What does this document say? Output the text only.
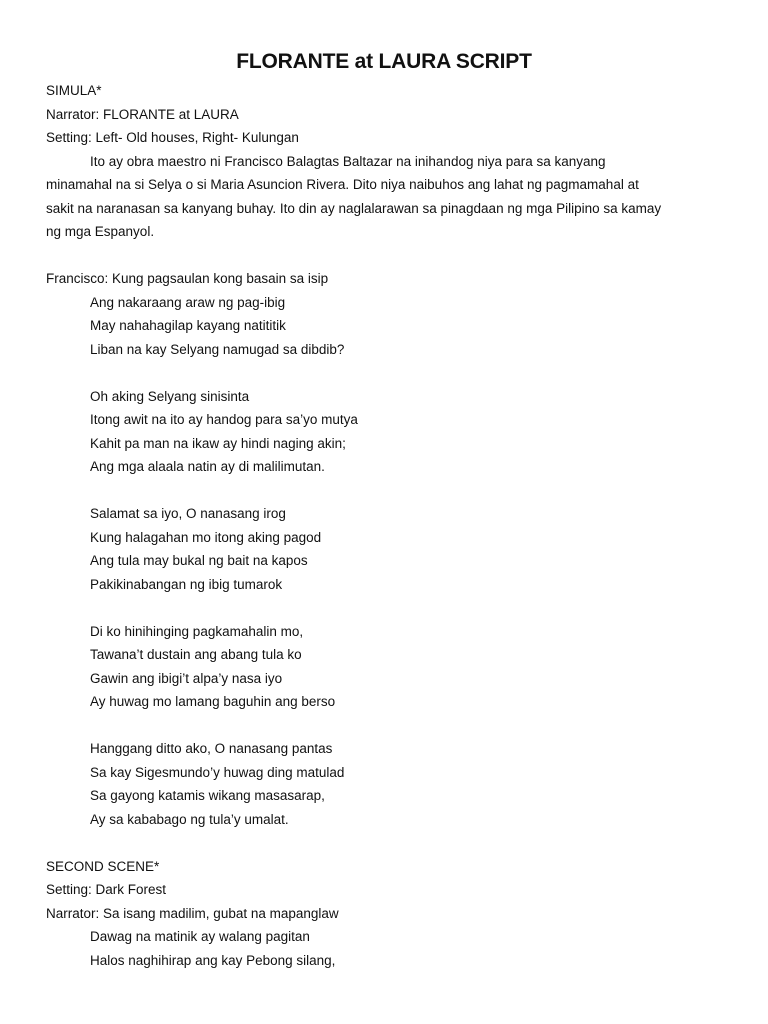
FLORANTE at LAURA SCRIPT
SIMULA*
Narrator: FLORANTE at LAURA
Setting: Left- Old houses, Right- Kulungan
Ito ay obra maestro ni Francisco Balagtas Baltazar na inihandog niya para sa kanyang
minamahal na si Selya o si Maria Asuncion Rivera. Dito niya naibuhos ang lahat ng pagmamahal at
sakit na naranasan sa kanyang buhay. Ito din ay naglalarawan sa pinagdaan ng mga Pilipino sa kamay
ng mga Espanyol.
Francisco: Kung pagsaulan kong basain sa isip
Ang nakaraang araw ng pag-ibig
May nahahagilap kayang natititik
Liban na kay Selyang namugad sa dibdib?
Oh aking Selyang sinisinta
Itong awit na ito ay handog para sa’yo mutya
Kahit pa man na ikaw ay hindi naging akin;
Ang mga alaala natin ay di malilimutan.
Salamat sa iyo, O nanasang irog
Kung halagahan mo itong aking pagod
Ang tula may bukal ng bait na kapos
Pakikinabangan ng ibig tumarok
Di ko hinihinging pagkamahalin mo,
Tawana’t dustain ang abang tula ko
Gawin ang ibigi’t alpa’y nasa iyo
Ay huwag mo lamang baguhin ang berso
Hanggang ditto ako, O nanasang pantas
Sa kay Sigesmundo’y huwag ding matulad
Sa gayong katamis wikang masasarap,
Ay sa kababago ng tula’y umalat.
SECOND SCENE*
Setting: Dark Forest
Narrator: Sa isang madilim, gubat na mapanglaw
Dawag na matinik ay walang pagitan
Halos naghihirap ang kay Pebong silang,
